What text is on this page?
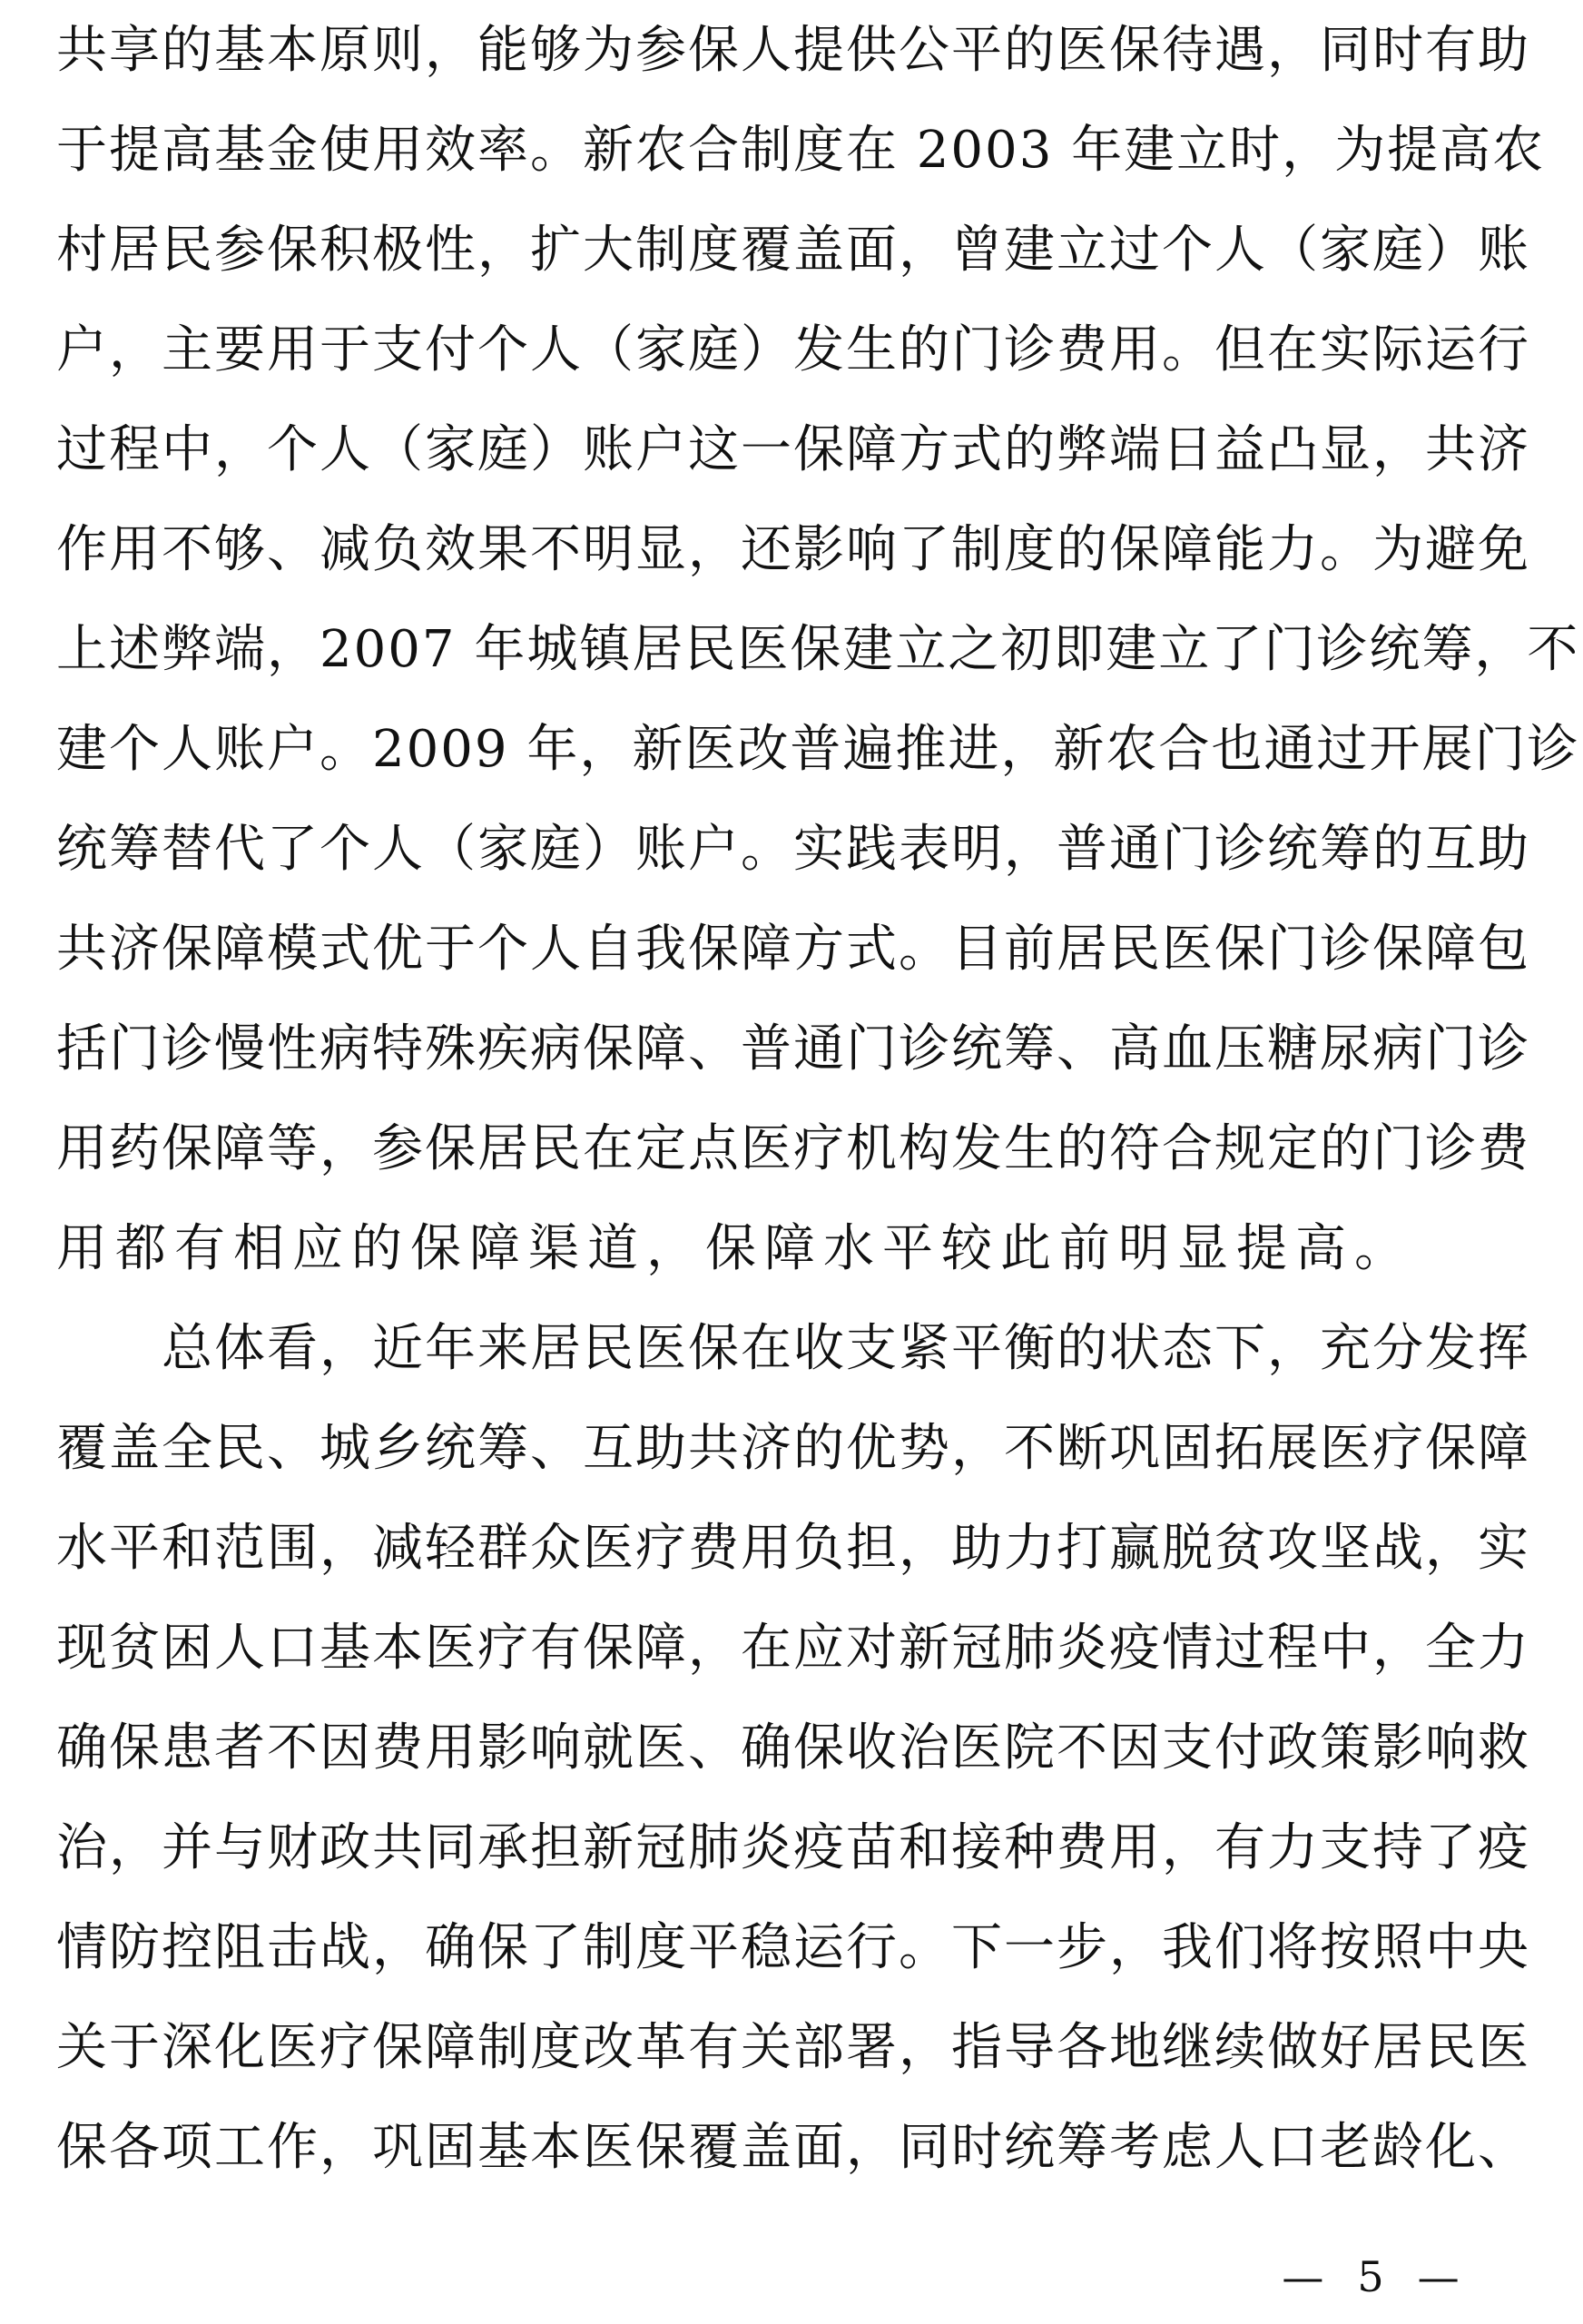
共享的基本原则，能够为参保人提供公平的医保待遇，同时有助
于提高基金使用效率。新农合制度在 2003 年建立时，为提高农
村居民参保积极性，扩大制度覆盖面，曾建立过个人（家庭）账
户，主要用于支付个人（家庭）发生的门诊费用。但在实际运行
过程中，个人（家庭）账户这一保障方式的弊端日益凸显，共济
作用不够、减负效果不明显，还影响了制度的保障能力。为避免
上述弊端，2007 年城镇居民医保建立之初即建立了门诊统筹，不
建个人账户。2009 年，新医改普遍推进，新农合也通过开展门诊
统筹替代了个人（家庭）账户。实践表明，普通门诊统筹的互助
共济保障模式优于个人自我保障方式。目前居民医保门诊保障包
括门诊慢性病特殊疾病保障、普通门诊统筹、高血压糖尿病门诊
用药保障等，参保居民在定点医疗机构发生的符合规定的门诊费
用都有相应的保障渠道，保障水平较此前明显提高。
总体看，近年来居民医保在收支紧平衡的状态下，充分发挥
覆盖全民、城乡统筹、互助共济的优势，不断巩固拓展医疗保障
水平和范围，减轻群众医疗费用负担，助力打赢脱贫攻坚战，实
现贫困人口基本医疗有保障，在应对新冠肺炎疫情过程中，全力
确保患者不因费用影响就医、确保收治医院不因支付政策影响救
治，并与财政共同承担新冠肺炎疫苗和接种费用，有力支持了疫
情防控阻击战，确保了制度平稳运行。下一步，我们将按照中央
关于深化医疗保障制度改革有关部署，指导各地继续做好居民医
保各项工作，巩固基本医保覆盖面，同时统筹考虑人口老龄化、
— 5 —
